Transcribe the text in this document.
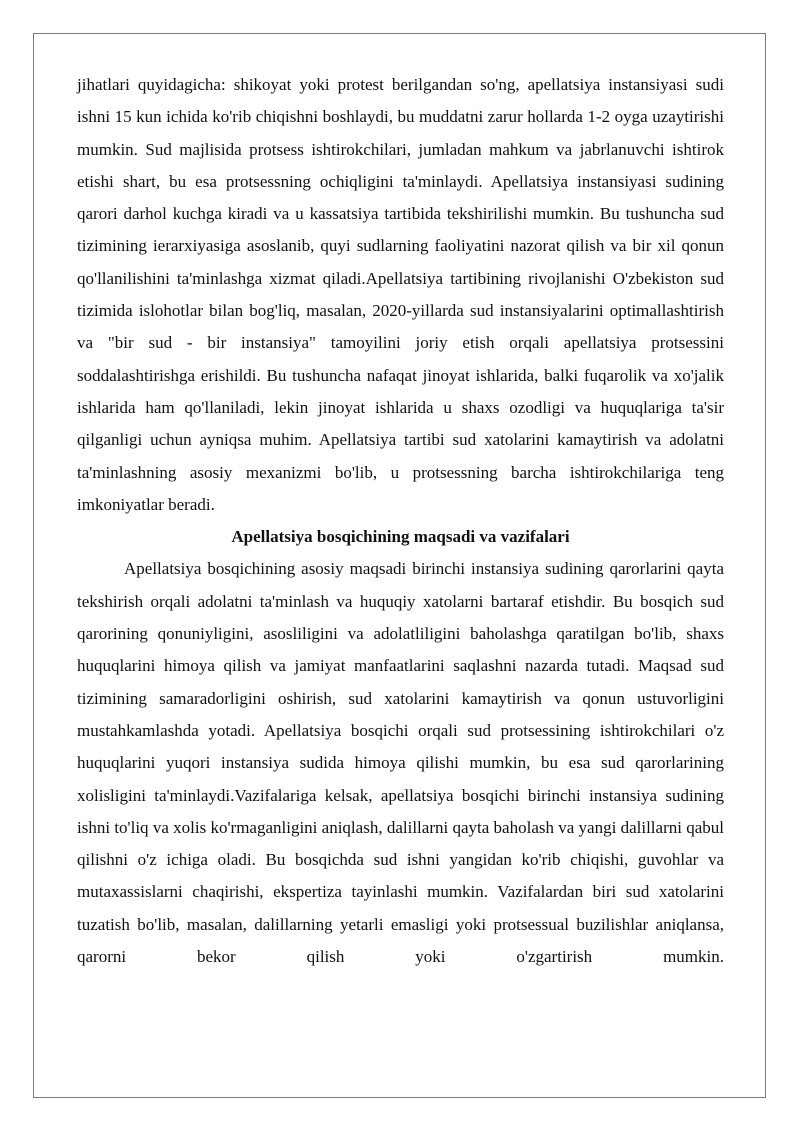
jihatlari quyidagicha: shikoyat yoki protest berilgandan so'ng, apellatsiya instansiyasi sudi ishni 15 kun ichida ko'rib chiqishni boshlaydi, bu muddatni zarur hollarda 1-2 oyga uzaytirishi mumkin. Sud majlisida protsess ishtirokchilari, jumladan mahkum va jabrlanuvchi ishtirok etishi shart, bu esa protsessning ochiqligini ta'minlaydi. Apellatsiya instansiyasi sudining qarori darhol kuchga kiradi va u kassatsiya tartibida tekshirilishi mumkin. Bu tushuncha sud tizimining ierarxiyasiga asoslanib, quyi sudlarning faoliyatini nazorat qilish va bir xil qonun qo'llanilishini ta'minlashga xizmat qiladi.Apellatsiya tartibining rivojlanishi O'zbekiston sud tizimida islohotlar bilan bog'liq, masalan, 2020-yillarda sud instansiyalarini optimallashtirish va "bir sud - bir instansiya" tamoyilini joriy etish orqali apellatsiya protsessini soddalashtirishga erishildi. Bu tushuncha nafaqat jinoyat ishlarida, balki fuqarolik va xo'jalik ishlarida ham qo'llaniladi, lekin jinoyat ishlarida u shaxs ozodligi va huquqlariga ta'sir qilganligi uchun ayniqsa muhim. Apellatsiya tartibi sud xatolarini kamaytirish va adolatni ta'minlashning asosiy mexanizmi bo'lib, u protsessning barcha ishtirokchilariga teng imkoniyatlar beradi.

Apellatsiya bosqichining maqsadi va vazifalari

Apellatsiya bosqichining asosiy maqsadi birinchi instansiya sudining qarorlarini qayta tekshirish orqali adolatni ta'minlash va huquqiy xatolarni bartaraf etishdir. Bu bosqich sud qarorining qonuniyligini, asosliligini va adolatliligini baholashga qaratilgan bo'lib, shaxs huquqlarini himoya qilish va jamiyat manfaatlarini saqlashni nazarda tutadi. Maqsad sud tizimining samaradorligini oshirish, sud xatolarini kamaytirish va qonun ustuvorligini mustahkamlashda yotadi. Apellatsiya bosqichi orqali sud protsessining ishtirokchilari o'z huquqlarini yuqori instansiya sudida himoya qilishi mumkin, bu esa sud qarorlarining xolisligini ta'minlaydi.Vazifalariga kelsak, apellatsiya bosqichi birinchi instansiya sudining ishni to'liq va xolis ko'rmaganligini aniqlash, dalillarni qayta baholash va yangi dalillarni qabul qilishni o'z ichiga oladi. Bu bosqichda sud ishni yangidan ko'rib chiqishi, guvohlar va mutaxassislarni chaqirishi, ekspertiza tayinlashi mumkin. Vazifalardan biri sud xatolarini tuzatish bo'lib, masalan, dalillarning yetarli emasligi yoki protsessual buzilishlar aniqlansa, qarorni bekor qilish yoki o'zgartirish mumkin.
